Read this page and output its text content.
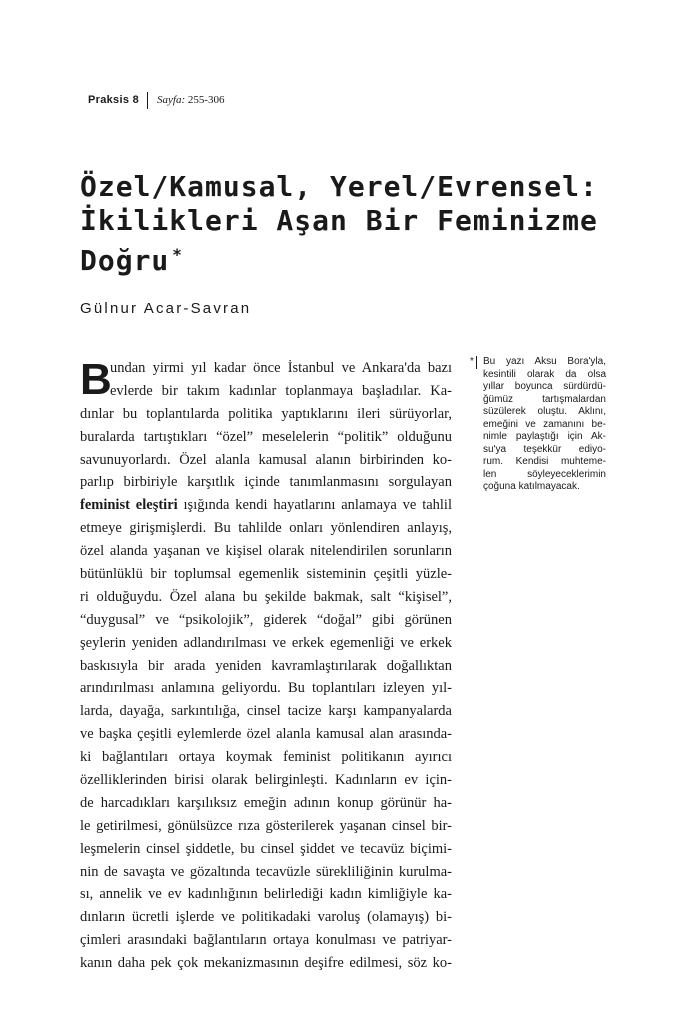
Praksis 8 Sayfa: 255-306
Özel/Kamusal, Yerel/Evrensel:
İkilikleri Aşan Bir Feminizme
Doğru *
Gülnur Acar-Savran
B
undan yirmi yıl kadar önce İstanbul ve Ankara'da bazı
evlerde bir takım kadınlar toplanmaya başladılar. Ka-
dınlar bu toplantılarda politika yaptıklarını ileri sürüyorlar,
buralarda tartıştıkları “özel” meselelerin “politik” olduğunu
savunuyorlardı. Özel alanla kamusal alanın birbirinden ko-
parlıp birbiriyle karşıtlık içinde tanımlanmasını sorgulayan
feminist eleştiri ışığında kendi hayatlarını anlamaya ve tahlil
etmeye girişmişlerdi. Bu tahlilde onları yönlendiren anlayış,
özel alanda yaşanan ve kişisel olarak nitelendirilen sorunların
bütünlüklü bir toplumsal egemenlik sisteminin çeşitli yüzle-
ri olduğuydu. Özel alana bu şekilde bakmak, salt “kişisel”,
“duygusal” ve “psikolojik”, giderek “doğal” gibi görünen
şeylerin yeniden adlandırılması ve erkek egemenliği ve erkek
baskısıyla bir arada yeniden kavramlaştırılarak doğallıktan
arındırılması anlamına geliyordu. Bu toplantıları izleyen yıl-
larda, dayağa, sarkıntılığa, cinsel tacize karşı kampanyalarda
ve başka çeşitli eylemlerde özel alanla kamusal alan arasında-
ki bağlantıları ortaya koymak feminist politikanın ayırıcı
özelliklerinden birisi olarak belirginleşti. Kadınların ev için-
de harcadıkları karşılıksız emeğin adının konup görünür ha-
le getirilmesi, gönülsüzce rıza gösterilerek yaşanan cinsel bir-
leşmelerin cinsel şiddetle, bu cinsel şiddet ve tecavüz biçimi-
nin de savaşta ve gözaltında tecavüzle sürekliliğinin kurulma-
sı, annelik ve ev kadınlığının belirlediği kadın kimliğiyle ka-
dınların ücretli işlerde ve politikadaki varoluş (olamayış) bi-
çimleri arasındaki bağlantıların ortaya konulması ve patriyar-
kanın daha pek çok mekanizmasının deşifre edilmesi, söz ko-
* Bu yazı Aksu Bora'yla,
kesintili olarak da olsa
yıllar boyunca sürdürdü-
ğümüz tartışmalardan
süzülerek oluştu. Aklını,
emeğini ve zamanını be-
nimle paylaştığı için Ak-
su'ya teşekkür ediyo-
rum. Kendisi muhteme-
len söyleyeceklerimin
çoğuna katılmayacak.
